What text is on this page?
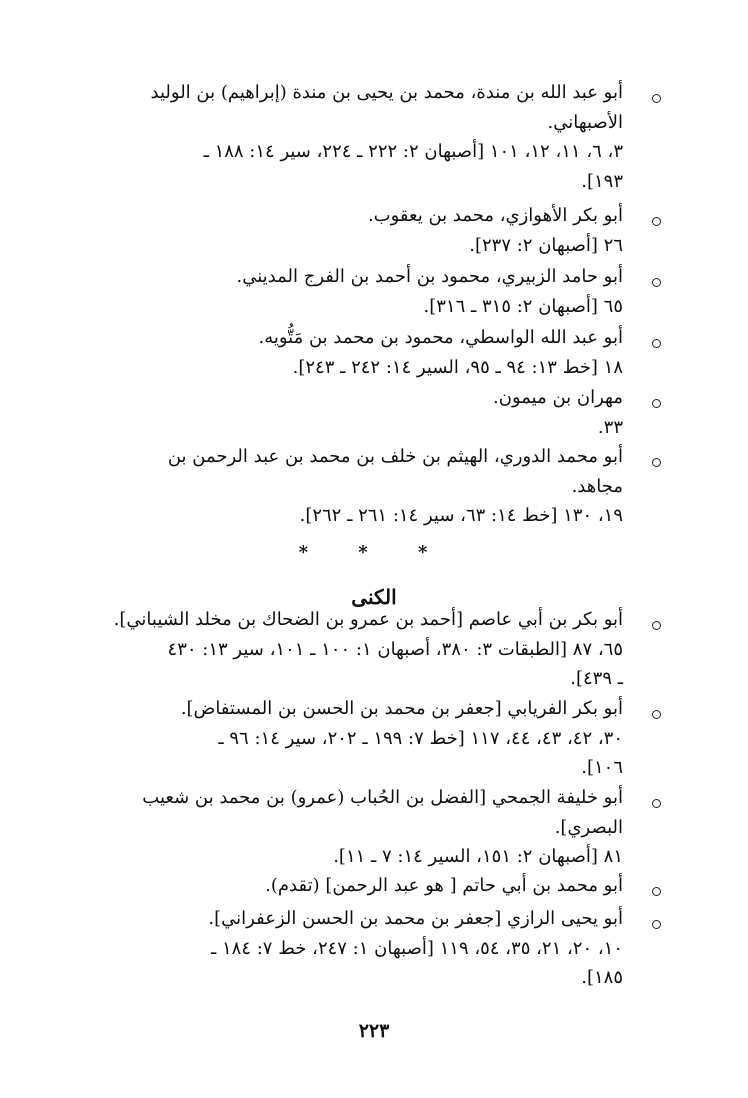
أبو عبد الله بن مندة، محمد بن يحيى بن مندة (إبراهيم) بن الوليد
الأصبهاني.
٣، ٦، ١١، ١٢، ١٠١ [أصبهان ٢: ٢٢٢ ـ ٢٢٤، سير ١٤: ١٨٨ ـ
١٩٣].
أبو بكر الأهوازي، محمد بن يعقوب.
٢٦ [أصبهان ٢: ٢٣٧].
أبو حامد الزبيري، محمود بن أحمد بن الفرج المديني.
٦٥ [أصبهان ٢: ٣١٥ ـ ٣١٦].
أبو عبد الله الواسطي، محمود بن محمد بن مَتُّويه.
١٨ [خط ١٣: ٩٤ ـ ٩٥، السير ١٤: ٢٤٢ ـ ٢٤٣].
مهران بن ميمون.
٣٣.
أبو محمد الدوري، الهيثم بن خلف بن محمد بن عبد الرحمن بن
مجاهد.
١٩، ١٣٠ [خط ١٤: ٦٣، سير ١٤: ٢٦١ ـ ٢٦٢].
* * *
الكنى
أبو بكر بن أبي عاصم [أحمد بن عمرو بن الضحاك بن مخلد الشيباني].
٦٥، ٨٧ [الطبقات ٣: ٣٨٠، أصبهان ١: ١٠٠ ـ ١٠١، سير ١٣: ٤٣٠
ـ ٤٣٩].
أبو بكر الفريابي [جعفر بن محمد بن الحسن بن المستفاض].
٣٠، ٤٢، ٤٣، ٤٤، ١١٧ [خط ٧: ١٩٩ ـ ٢٠٢، سير ١٤: ٩٦ ـ
١٠٦].
أبو خليفة الجمحي [الفضل بن الحُباب (عمرو) بن محمد بن شعيب
البصري].
٨١ [أصبهان ٢: ١٥١، السير ١٤: ٧ ـ ١١].
أبو محمد بن أبي حاتم [ هو عبد الرحمن] (تقدم).
أبو يحيى الرازي [جعفر بن محمد بن الحسن الزعفراني].
١٠، ٢٠، ٢١، ٣٥، ٥٤، ١١٩ [أصبهان ١: ٢٤٧، خط ٧: ١٨٤ ـ
١٨٥].
٢٢٣
